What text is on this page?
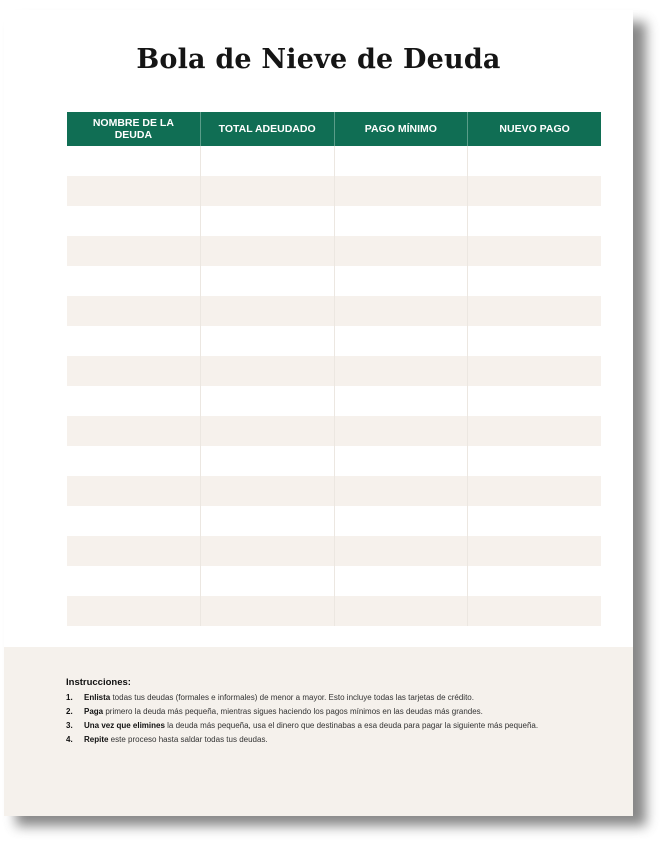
Bola de Nieve de Deuda
NOMBRE DE LA DEUDA	TOTAL ADEUDADO	PAGO MÍNIMO	NUEVO PAGO
Instrucciones:
1.	Enlista todas tus deudas (formales e informales) de menor a mayor. Esto incluye todas las tarjetas de crédito.
2.	Paga primero la deuda más pequeña, mientras sigues haciendo los pagos mínimos en las deudas más grandes.
3.	Una vez que elimines la deuda más pequeña, usa el dinero que destinabas a esa deuda para pagar la siguiente más pequeña.
4.	Repite este proceso hasta saldar todas tus deudas.
